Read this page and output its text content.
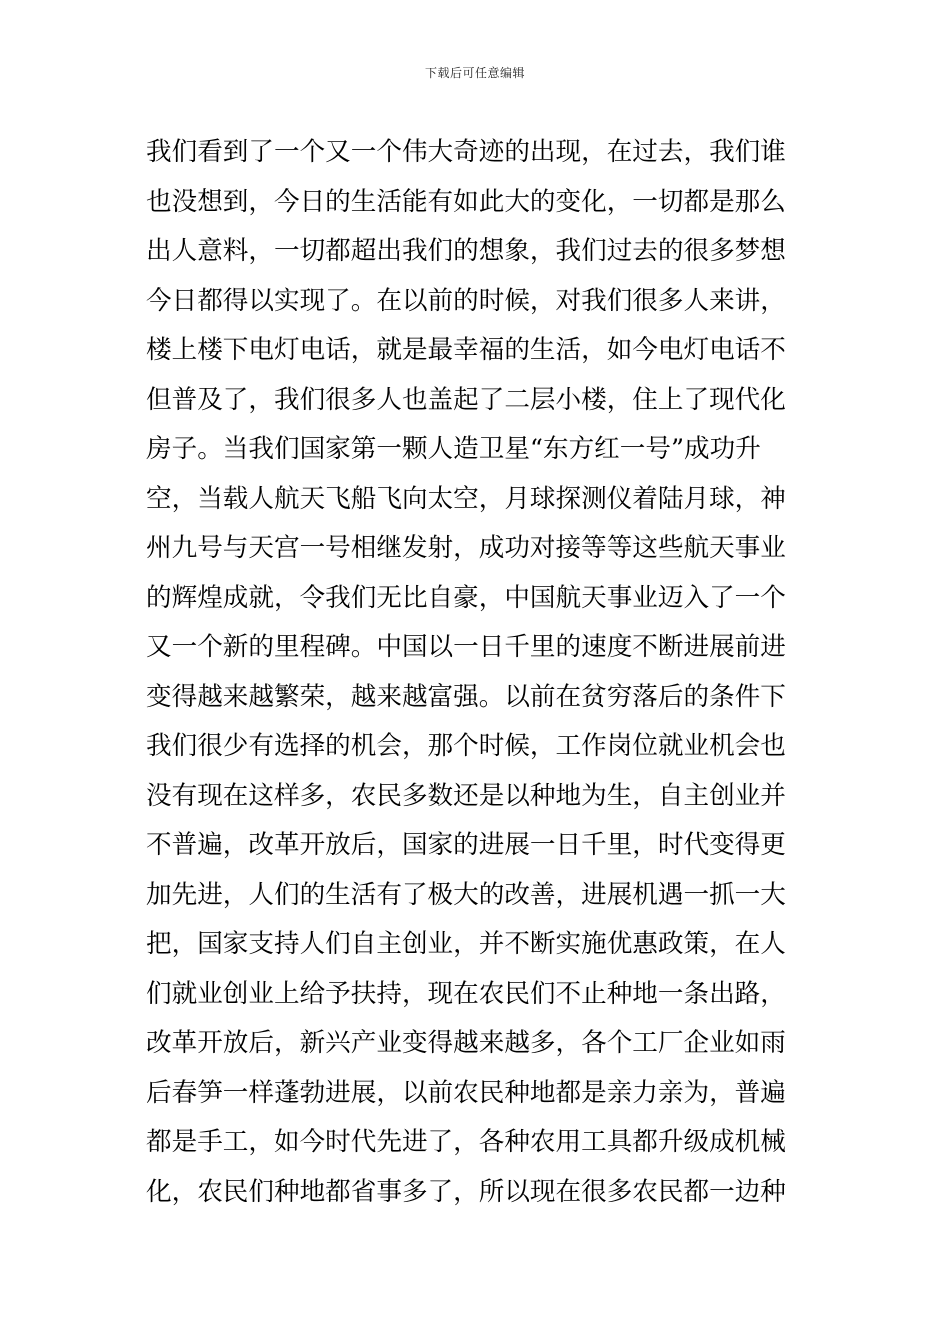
下载后可任意编辑
我们看到了一个又一个伟大奇迹的出现，在过去，我们谁
也没想到，今日的生活能有如此大的变化，一切都是那么
出人意料，一切都超出我们的想象，我们过去的很多梦想
今日都得以实现了。在以前的时候，对我们很多人来讲，
楼上楼下电灯电话，就是最幸福的生活，如今电灯电话不
但普及了，我们很多人也盖起了二层小楼，住上了现代化
房子。当我们国家第一颗人造卫星“东方红一号”成功升
空，当载人航天飞船飞向太空，月球探测仪着陆月球，神
州九号与天宫一号相继发射，成功对接等等这些航天事业
的辉煌成就，令我们无比自豪，中国航天事业迈入了一个
又一个新的里程碑。中国以一日千里的速度不断进展前进
变得越来越繁荣，越来越富强。以前在贫穷落后的条件下
我们很少有选择的机会，那个时候，工作岗位就业机会也
没有现在这样多，农民多数还是以种地为生，自主创业并
不普遍，改革开放后，国家的进展一日千里，时代变得更
加先进，人们的生活有了极大的改善，进展机遇一抓一大
把，国家支持人们自主创业，并不断实施优惠政策，在人
们就业创业上给予扶持，现在农民们不止种地一条出路，
改革开放后，新兴产业变得越来越多，各个工厂企业如雨
后春笋一样蓬勃进展，以前农民种地都是亲力亲为，普遍
都是手工，如今时代先进了，各种农用工具都升级成机械
化，农民们种地都省事多了，所以现在很多农民都一边种
